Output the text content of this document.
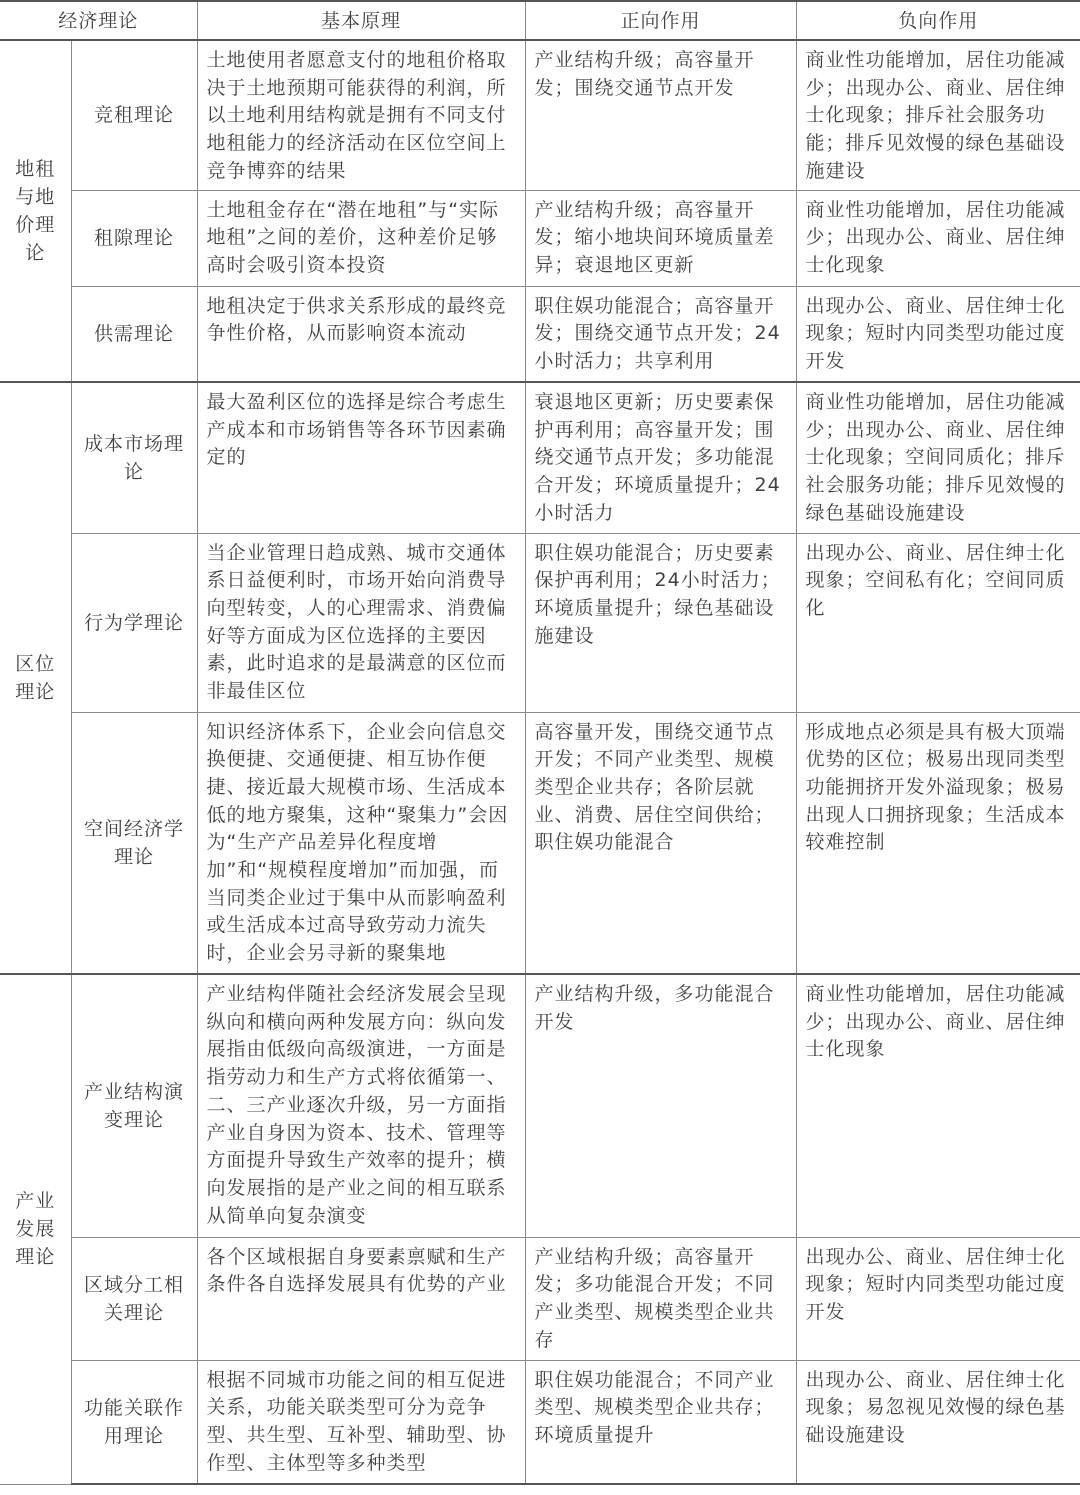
经济理论		基本原理	正向作用	负向作用
地租
与地
价理
论	竞租理论	土地使用者愿意支付的地租价格取决于土地预期可能获得的利润，所以土地利用结构就是拥有不同支付地租能力的经济活动在区位空间上竞争博弈的结果	产业结构升级；高容量开发；围绕交通节点开发	商业性功能增加，居住功能减少；出现办公、商业、居住绅士化现象；排斥社会服务功能；排斥见效慢的绿色基础设施建设
	租隙理论	土地租金存在“潜在地租”与“实际地租”之间的差价，这种差价足够高时会吸引资本投资	产业结构升级；高容量开发；缩小地块间环境质量差异；衰退地区更新	商业性功能增加，居住功能减少；出现办公、商业、居住绅士化现象
	供需理论	地租决定于供求关系形成的最终竞争性价格，从而影响资本流动	职住娱功能混合；高容量开发；围绕交通节点开发；24小时活力；共享利用	出现办公、商业、居住绅士化现象；短时内同类型功能过度开发
区位
理论	成本市场理论	最大盈利区位的选择是综合考虑生产成本和市场销售等各环节因素确定的	衰退地区更新；历史要素保护再利用；高容量开发；围绕交通节点开发；多功能混合开发；环境质量提升；24小时活力	商业性功能增加，居住功能减少；出现办公、商业、居住绅士化现象；空间同质化；排斥社会服务功能；排斥见效慢的绿色基础设施建设
	行为学理论	当企业管理日趋成熟、城市交通体系日益便利时，市场开始向消费导向型转变，人的心理需求、消费偏好等方面成为区位选择的主要因素，此时追求的是最满意的区位而非最佳区位	职住娱功能混合；历史要素保护再利用；24小时活力；环境质量提升；绿色基础设施建设	出现办公、商业、居住绅士化现象；空间私有化；空间同质化
	空间经济学理论	知识经济体系下，企业会向信息交换便捷、交通便捷、相互协作便捷、接近最大规模市场、生活成本低的地方聚集，这种“聚集力”会因为“生产产品差异化程度增加”和“规模程度增加”而加强，而当同类企业过于集中从而影响盈利或生活成本过高导致劳动力流失时，企业会另寻新的聚集地	高容量开发，围绕交通节点开发；不同产业类型、规模类型企业共存；各阶层就业、消费、居住空间供给；职住娱功能混合	形成地点必须是具有极大顶端优势的区位；极易出现同类型功能拥挤开发外溢现象；极易出现人口拥挤现象；生活成本较难控制
产业
发展
理论	产业结构演变理论	产业结构伴随社会经济发展会呈现纵向和横向两种发展方向：纵向发展指由低级向高级演进，一方面是指劳动力和生产方式将依循第一、二、三产业逐次升级，另一方面指产业自身因为资本、技术、管理等方面提升导致生产效率的提升；横向发展指的是产业之间的相互联系从简单向复杂演变	产业结构升级，多功能混合开发	商业性功能增加，居住功能减少；出现办公、商业、居住绅士化现象
	区域分工相关理论	各个区域根据自身要素禀赋和生产条件各自选择发展具有优势的产业	产业结构升级；高容量开发；多功能混合开发；不同产业类型、规模类型企业共存	出现办公、商业、居住绅士化现象；短时内同类型功能过度开发
	功能关联作用理论	根据不同城市功能之间的相互促进关系，功能关联类型可分为竞争型、共生型、互补型、辅助型、协作型、主体型等多种类型	职住娱功能混合；不同产业类型、规模类型企业共存；环境质量提升	出现办公、商业、居住绅士化现象；易忽视见效慢的绿色基础设施建设
